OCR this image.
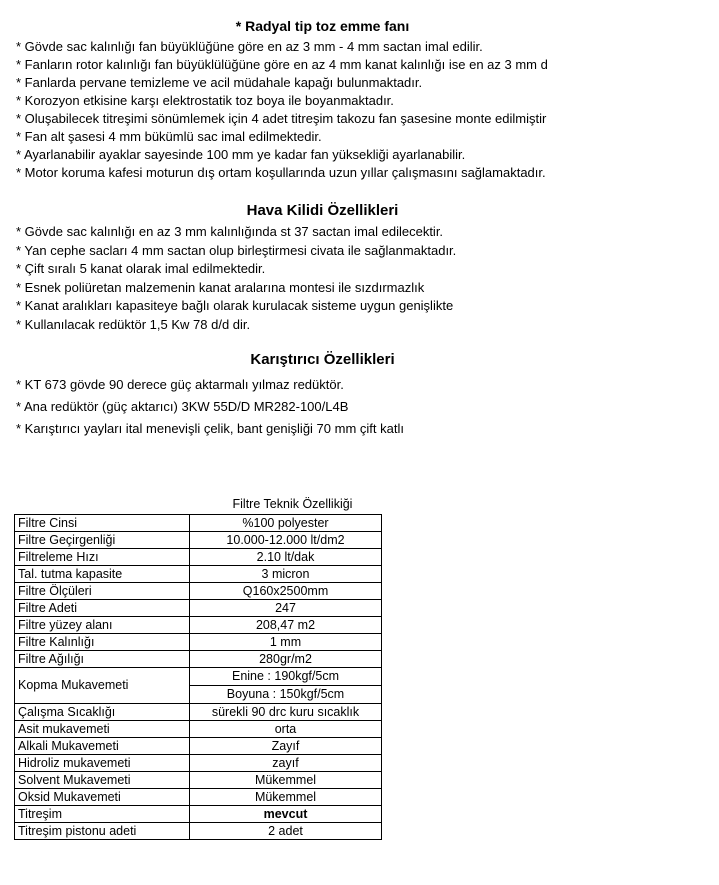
* Radyal tip toz emme fanı
* Gövde sac kalınlığı fan büyüklüğüne göre en az 3 mm - 4 mm sactan imal edilir.
* Fanların rotor kalınlığı fan büyüklülüğüne göre en az 4 mm kanat kalınlığı ise en az 3 mm d
* Fanlarda pervane temizleme ve acil müdahale kapağı bulunmaktadır.
* Korozyon etkisine karşı elektrostatik toz boya ile boyanmaktadır.
* Oluşabilecek titreşimi sönümlemek için 4 adet titreşim takozu fan şasesine monte edilmiştir
* Fan alt şasesi 4 mm bükümlü sac imal edilmektedir.
* Ayarlanabilir ayaklar sayesinde 100 mm ye kadar fan yüksekliği ayarlanabilir.
* Motor koruma kafesi moturun dış ortam koşullarında uzun yıllar çalışmasını sağlamaktadır.
Hava Kilidi Özellikleri
* Gövde sac kalınlığı en az 3 mm kalınlığında st 37 sactan imal edilecektir.
* Yan cephe sacları 4 mm sactan olup birleştirmesi civata ile sağlanmaktadır.
* Çift sıralı 5 kanat olarak imal edilmektedir.
* Esnek poliüretan malzemenin kanat aralarına montesi ile sızdırmazlık
* Kanat aralıkları kapasiteye bağlı olarak kurulacak sisteme uygun genişlikte
* Kullanılacak redüktör 1,5 Kw 78 d/d dir.
Karıştırıcı Özellikleri
* KT 673 gövde 90 derece güç aktarmalı yılmaz redüktör.
* Ana redüktör (güç aktarıcı) 3KW 55D/D MR282-100/L4B
* Karıştırıcı yayları ital menevişli çelik, bant genişliği 70 mm çift katlı
Filtre Teknik Özellikiği
Filtre Cinsi	%100 polyester
Filtre Geçirgenliği	10.000-12.000 lt/dm2
Filtreleme Hızı	2.10 lt/dak
Tal. tutma kapasite	3 micron
Filtre Ölçüleri	Q160x2500mm
Filtre Adeti	247
Filtre yüzey alanı	208,47 m2
Filtre Kalınlığı	1 mm
Filtre Ağılığı	280gr/m2
Kopma Mukavemeti	Enine : 190kgf/5cm
Boyuna : 150kgf/5cm

Çalışma Sıcaklığı	sürekli 90 drc kuru sıcaklık
Asit mukavemeti	orta
Alkali Mukavemeti	Zayıf
Hidroliz mukavemeti	zayıf
Solvent Mukavemeti	Mükemmel
Oksid Mukavemeti	Mükemmel
Titreşim	mevcut
Titreşim pistonu adeti	2 adet
